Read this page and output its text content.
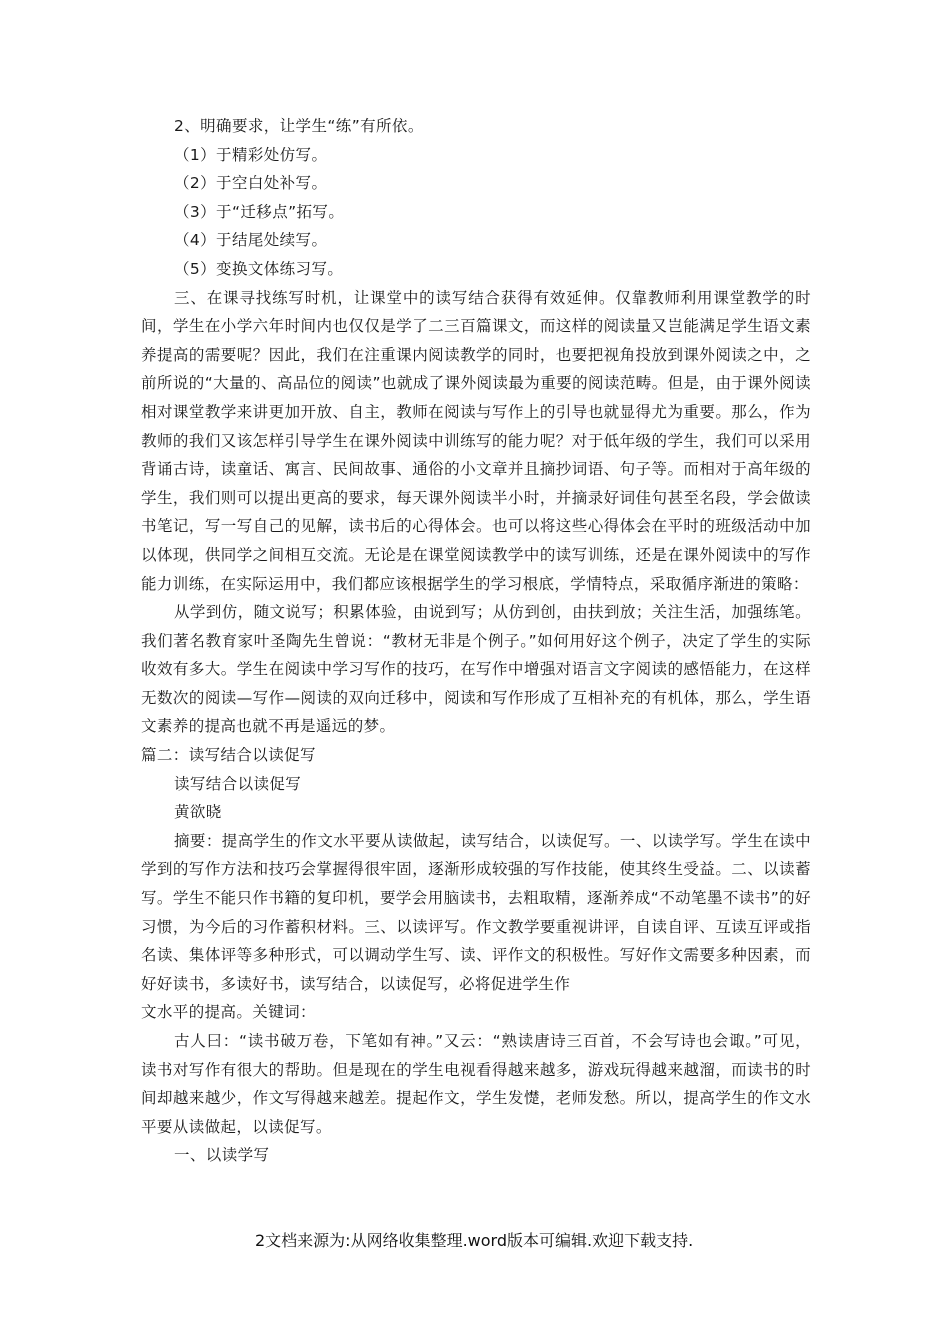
2、明确要求，让学生“练”有所依。

（1）于精彩处仿写。

（2）于空白处补写。

（3）于“迁移点”拓写。

（4）于结尾处续写。

（5）变换文体练习写。

三、在课寻找练写时机，让课堂中的读写结合获得有效延伸。仅靠教师利用课堂教学的时间，学生在小学六年时间内也仅仅是学了二三百篇课文，而这样的阅读量又岂能满足学生语文素养提高的需要呢？因此，我们在注重课内阅读教学的同时，也要把视角投放到课外阅读之中，之前所说的“大量的、高品位的阅读”也就成了课外阅读最为重要的阅读范畴。但是，由于课外阅读相对课堂教学来讲更加开放、自主，教师在阅读与写作上的引导也就显得尤为重要。那么，作为教师的我们又该怎样引导学生在课外阅读中训练写的能力呢？对于低年级的学生，我们可以采用背诵古诗，读童话、寓言、民间故事、通俗的小文章并且摘抄词语、句子等。而相对于高年级的学生，我们则可以提出更高的要求，每天课外阅读半小时，并摘录好词佳句甚至名段，学会做读书笔记，写一写自己的见解，读书后的心得体会。也可以将这些心得体会在平时的班级活动中加以体现，供同学之间相互交流。无论是在课堂阅读教学中的读写训练，还是在课外阅读中的写作能力训练，在实际运用中，我们都应该根据学生的学习根底，学情特点，采取循序渐进的策略：

从学到仿，随文说写；积累体验，由说到写；从仿到创，由扶到放；关注生活，加强练笔。我们著名教育家叶圣陶先生曾说：“教材无非是个例子。”如何用好这个例子，决定了学生的实际收效有多大。学生在阅读中学习写作的技巧，在写作中增强对语言文字阅读的感悟能力，在这样无数次的阅读—写作—阅读的双向迁移中，阅读和写作形成了互相补充的有机体，那么，学生语文素养的提高也就不再是遥远的梦。

篇二：读写结合以读促写

读写结合以读促写

黄欲晓

摘要：提高学生的作文水平要从读做起，读写结合，以读促写。一、以读学写。学生在读中学到的写作方法和技巧会掌握得很牢固，逐渐形成较强的写作技能，使其终生受益。二、以读蓄写。学生不能只作书籍的复印机，要学会用脑读书，去粗取精，逐渐养成“不动笔墨不读书”的好习惯，为今后的习作蓄积材料。三、以读评写。作文教学要重视讲评，自读自评、互读互评或指名读、集体评等多种形式，可以调动学生写、读、评作文的积极性。写好作文需要多种因素，而好好读书，多读好书，读写结合，以读促写，必将促进学生作

文水平的提高。关键词：

古人曰：“读书破万卷，下笔如有神。”又云：“熟读唐诗三百首，不会写诗也会诹。”可见，读书对写作有很大的帮助。但是现在的学生电视看得越来越多，游戏玩得越来越溜，而读书的时间却越来越少，作文写得越来越差。提起作文，学生发憷，老师发愁。所以，提高学生的作文水平要从读做起，以读促写。

一、以读学写

2文档来源为:从网络收集整理.word版本可编辑.欢迎下载支持.
